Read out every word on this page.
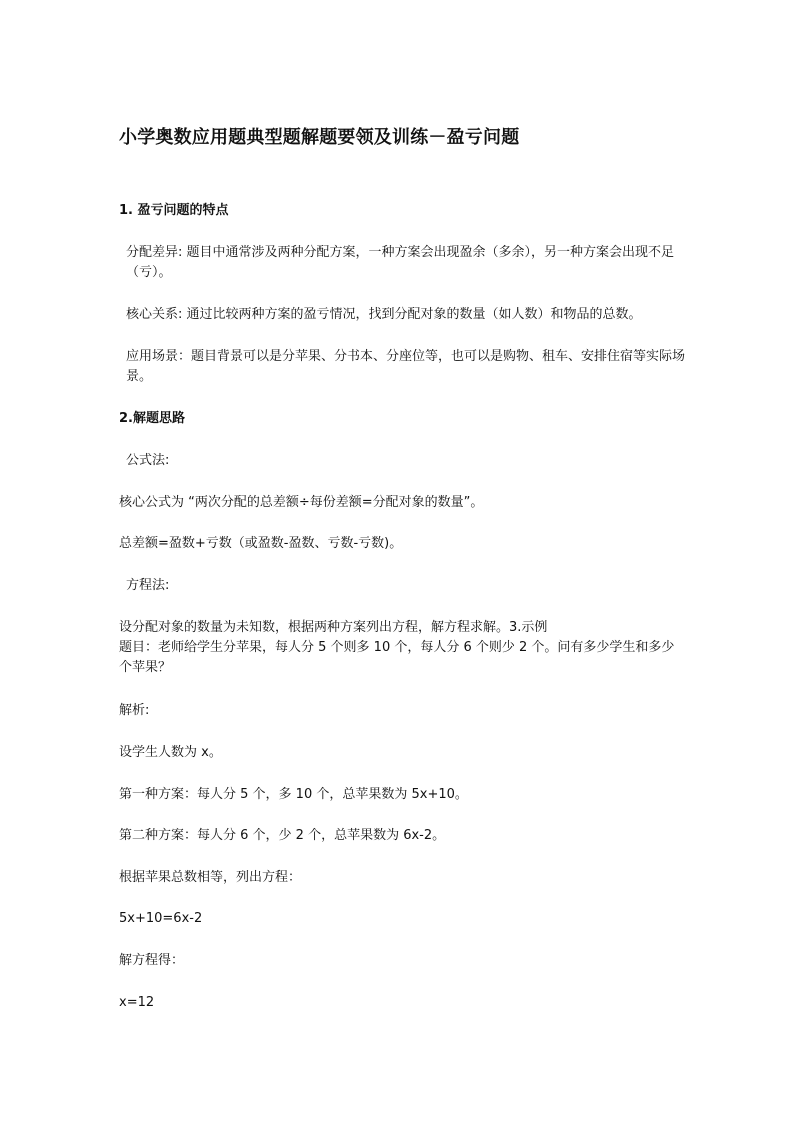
小学奥数应用题典型题解题要领及训练－盈亏问题
1. 盈亏问题的特点
分配差异: 题目中通常涉及两种分配方案，一种方案会出现盈余（多余），另一种方案会出现不足（亏）。
核心关系: 通过比较两种方案的盈亏情况，找到分配对象的数量（如人数）和物品的总数。
应用场景：题目背景可以是分苹果、分书本、分座位等，也可以是购物、租车、安排住宿等实际场景。
2.解题思路
公式法:
核心公式为 “两次分配的总差额÷每份差额=分配对象的数量”。
总差额=盈数+亏数（或盈数-盈数、亏数-亏数)。
方程法:
设分配对象的数量为未知数，根据两种方案列出方程，解方程求解。3.示例
题目：老师给学生分苹果，每人分 5 个则多 10 个，每人分 6 个则少 2 个。问有多少学生和多少个苹果？
解析:
设学生人数为 x。
第一种方案：每人分 5 个，多 10 个，总苹果数为 5x+10。
第二种方案：每人分 6 个，少 2 个，总苹果数为 6x-2。
根据苹果总数相等，列出方程：
5x+10=6x-2
解方程得：
x=12
